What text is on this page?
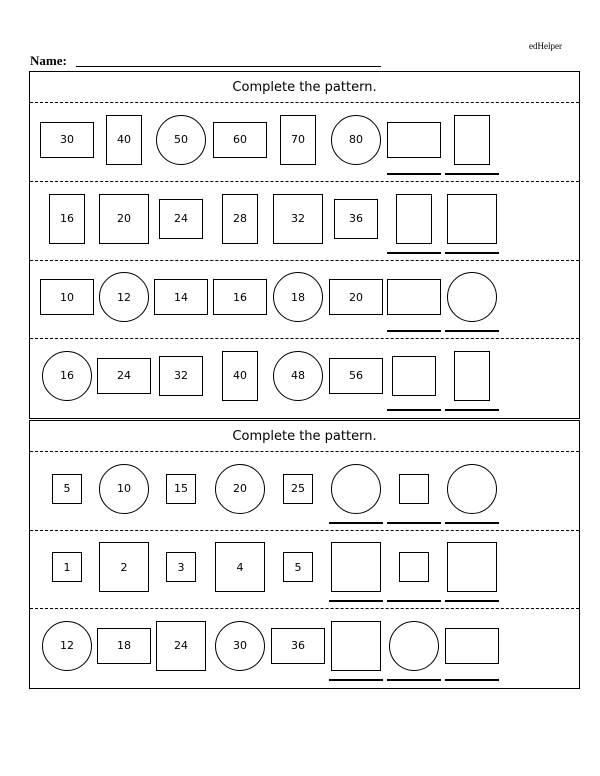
edHelper
Name:
Complete the pattern.
30	40	50	60	70	80
16	20	24	28	32	36
10	12	14	16	18	20
16	24	32	40	48	56
Complete the pattern.
5	10	15	20	25
1	2	3	4	5
12	18	24	30	36
